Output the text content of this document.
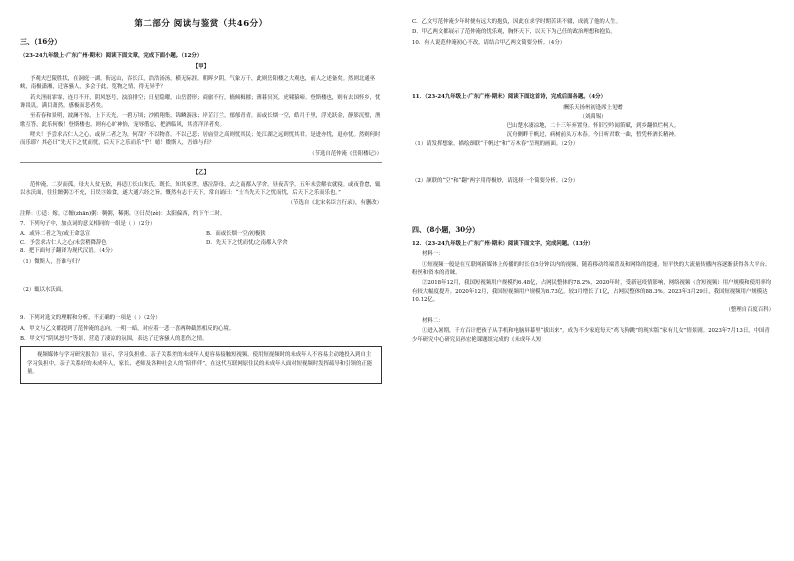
第二部分 阅读与鉴赏（共46分）
三、（16分）

（23-24九年级上·广东广州·期末）阅读下面文章，完成下面小题。（12分）

【甲】

予观夫巴陵胜状，在洞庭一湖。衔远山，吞长江，浩浩汤汤，横无际涯，朝晖夕阴，气象万千，此则岳阳楼之大观也，前人之述备矣。然则北通巫峡，南极潇湘，迁客骚人，多会于此，览物之情，得无异乎？

若夫淫雨霏霏，连月不开，阴风怒号，浊浪排空；日星隐曜，山岳潜形；商旅不行，樯倾楫摧；薄暮冥冥，虎啸猿啼。登斯楼也，则有去国怀乡，忧谗畏讥，满目萧然，感极而悲者矣。

至若春和景明，波澜不惊，上下天光，一碧万顷；沙鸥翔集，锦鳞游泳；岸芷汀兰，郁郁青青。而或长烟一空，皓月千里，浮光跃金，静影沉璧，渔歌互答，此乐何极！登斯楼也，则有心旷神怡，宠辱偕忘，把酒临风，其喜洋洋者矣。

嗟夫！予尝求古仁人之心，或异二者之为，何哉？不以物喜，不以己悲；居庙堂之高则忧其民；处江湖之远则忧其君。是进亦忧，退亦忧。然则何时而乐耶？其必曰“先天下之忧而忧，后天下之乐而乐”乎！噫！微斯人，吾谁与归？

（节选自范仲淹《岳阳楼记》）

【乙】

范仲淹，二岁而孤，母夫人贫无依，再适①长山朱氏。既长，知其家世，感泣辞母，去之南都入学舍。昼夜苦学，五年未尝解衣就寝。或夜昏怠，辄以水沃面，往往饘粥②不充，日昃③始食，遂大通六经之旨，慨然有志于天下，常自诵曰：“士当先天下之忧而忧，后天下之乐而乐也。”

（节选自《北宋名臣言行录》，有删改）

注释：①适：嫁。②饘(zhān)粥：稠粥，稀粥。③日昃(zè)：太阳偏西，约下午二时。

7．下列句子中，加点词的意义相同的一组是（ ）（2分）

A．或异二者之为/或王命急宣	B．而或长烟一空/初极狭
C．予尝求古仁人之心/未尝稍降辞色	D．先天下之忧而忧/之南都入学舍

8．把下面句子翻译为现代汉语。（4分）

（1）微斯人，吾谁与归？

（2）辄以水沃面。

9．下列对选文的理解和分析，不正确的一项是（ ）（2分）

A．甲文与乙文都提到了范仲淹的志向，一明一暗，对应着一悲一喜两种截然相反的心境。

B．甲文写“阴风怒号”等景，营造了凄凉的氛围，表达了迁客骚人的悲伤之情。

视频媒体与学习研究报告》显示，学习负担重、亲子关系差的未成年人更容易接触短视频。使用短视频时的未成年人不容易主动地投入到自主学习负担中，亲子关系好的未成年人，家长、老师及各种社会人的“陪伴伴”，在这代互联网原住民的未成年人面对短视频时发挥疏导和引领的正能量。

C．乙文写范仲淹少年时便有远大的抱负，因此在求学时期苦读不辍，成就了他的人生。

D．甲乙两文都展示了范仲淹的忧乐观，胸怀天下，以天下为己任的政治理想和抱负。

10．有人说范仲淹初心不改，请结合甲乙两文简要分析。（4分）

11．（23-24九年级上·广东广州·期末）阅读下面这首诗，完成后面各题。（4分）

酬乐天扬州初逢席上见赠
（刘禹锡）
巴山楚水凄凉地，二十三年弃置身。怀旧空吟闻笛赋，到乡翻似烂柯人。
沉舟侧畔千帆过，病树前头万木春。今日听君歌一曲，暂凭杯酒长精神。

（1）请发挥想象，描绘颈联“千帆过”和“万木春”呈现的画面。（2分）

（2）颔联的“空”和“翻”两字用得极妙，请选择一个简要分析。（2分）

四、（8小题，30分）

12．（23-24九年级上·广东广州·期末）阅读下面文字，完成问题。（13分）

材料一：

①短视频一般是在互联网新媒体上传播的时长在5分钟以内的视频，随着移动终端普及和网络的提速，短平快的大流量传播内容逐渐获得各大平台、粉丝和资本的青睐。

②2018年12月，我国短视频用户规模约6.48亿，占网民整体的78.2%，2020年时，受新冠疫情影响，网络视频（含短视频）用户规模和使用率均有较大幅度提升。2020年12月，我国短视频用户规模为8.73亿，较3月增长了1亿，占网民整体的88.3%。2023年3月29日，我国短视频用户规模达10.12亿。

（整理自百度百科）

材料二：

①进入暑期，千方百计把孩子从手机和电脑屏幕里“拔出来”，成为不少家庭每天“鸡飞狗跳”的现实版“家有儿女”情景剧。2023年7月13日，中国青少年研究中心研究员孙宏艳课题组完成的《未成年人短
